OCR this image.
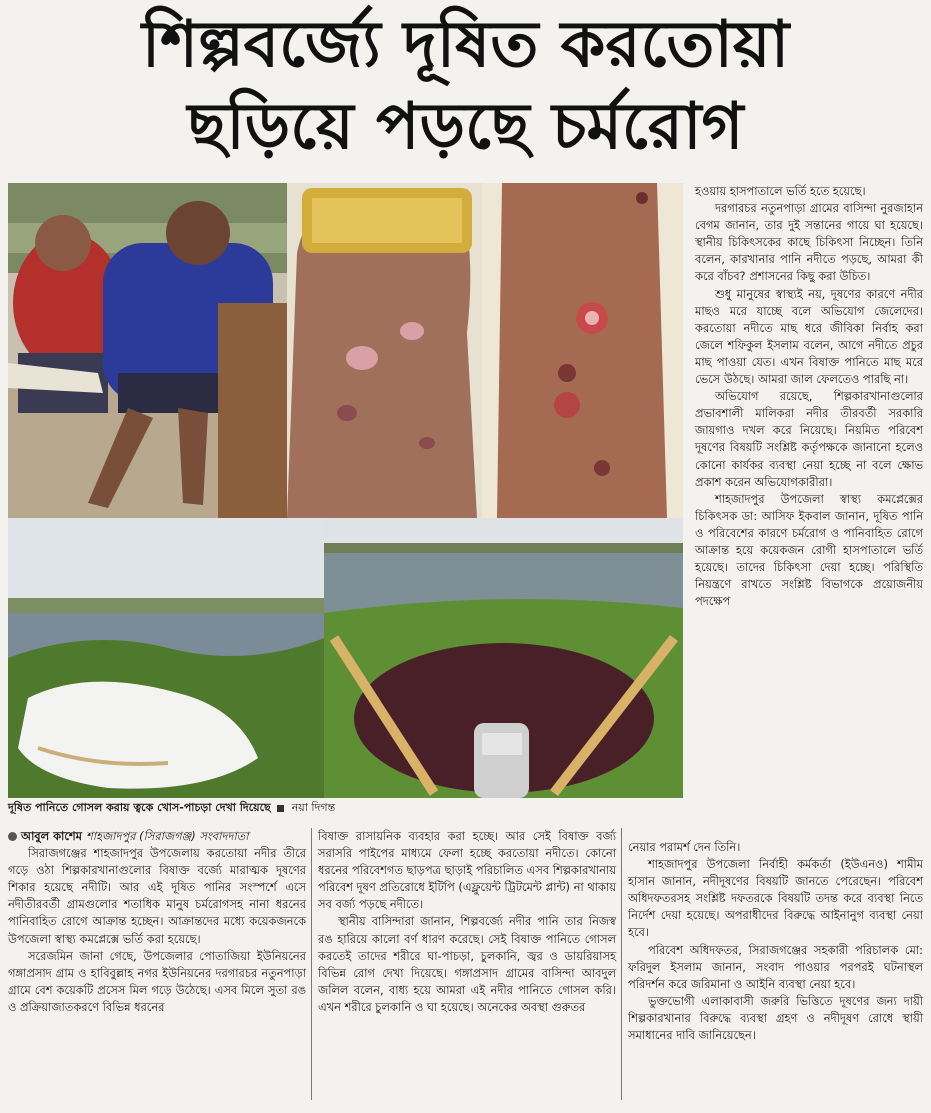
শিল্পবর্জ্যে দূষিত করতোয়া
ছড়িয়ে পড়ছে চর্মরোগ
দূষিত পানিতে গোসল করায় ত্বকে খোস-পাচড়া দেখা দিয়েছে নয়া দিগন্ত

আবুল কাশেম শাহজাদপুর (সিরাজগঞ্জ) সংবাদদাতা

সিরাজগঞ্জের শাহজাদপুর উপজেলায় করতোয়া নদীর তীরে গড়ে ওঠা শিল্পকারখানাগুলোর বিষাক্ত বর্জ্যে মারাত্মক দূষণের শিকার হয়েছে নদীটি। আর এই দূষিত পানির সংস্পর্শে এসে নদীতীরবর্তী গ্রামগুলোর শতাধিক মানুষ চর্মরোগসহ নানা ধরনের পানিবাহিত রোগে আক্রান্ত হচ্ছেন। আক্রান্তদের মধ্যে কয়েকজনকে উপজেলা স্বাস্থ্য কমপ্লেক্সে ভর্তি করা হয়েছে।

সরেজমিন জানা গেছে, উপজেলার পোতাজিয়া ইউনিয়নের গঙ্গাপ্রসাদ গ্রাম ও হাবিবুল্লাহ নগর ইউনিয়নের দরগারচর নতুনপাড়া গ্রামে বেশ কয়েকটি প্রসেস মিল গড়ে উঠেছে। এসব মিলে সুতা রঙ ও প্রক্রিয়াজাতকরণে বিভিন্ন ধরনের

বিষাক্ত রাসায়নিক ব্যবহার করা হচ্ছে। আর সেই বিষাক্ত বর্জ্য সরাসরি পাইপের মাধ্যমে ফেলা হচ্ছে করতোয়া নদীতে। কোনো ধরনের পরিবেশগত ছাড়পত্র ছাড়াই পরিচালিত এসব শিল্পকারখানায় পরিবেশ দূষণ প্রতিরোধে ইটিপি (এফ্লুয়েন্ট ট্রিটমেন্ট প্লান্ট) না থাকায় সব বর্জ্য পড়ছে নদীতে।

স্থানীয় বাসিন্দারা জানান, শিল্পবর্জ্যে নদীর পানি তার নিজস্ব রঙ হারিয়ে কালো বর্ণ ধারণ করেছে। সেই বিষাক্ত পানিতে গোসল করতেই তাদের শরীরে ঘা-পাচড়া, চুলকানি, জ্বর ও ডায়রিয়াসহ বিভিন্ন রোগ দেখা দিয়েছে। গঙ্গাপ্রসাদ গ্রামের বাসিন্দা আবদুল জলিল বলেন, বাধ্য হয়ে আমরা এই নদীর পানিতে গোসল করি। এখন শরীরে চুলকানি ও ঘা হয়েছে। অনেকের অবস্থা গুরুতর

হওয়ায় হাসপাতালে ভর্তি হতে হয়েছে।

দরগারচর নতুনপাড়া গ্রামের বাসিন্দা নুরজাহান বেগম জানান, তার দুই সন্তানের গায়ে ঘা হয়েছে। স্থানীয় চিকিৎসকের কাছে চিকিৎসা নিচ্ছেন। তিনি বলেন, কারখানার পানি নদীতে পড়ছে, আমরা কী করে বাঁচব? প্রশাসনের কিছু করা উচিত।

শুধু মানুষের স্বাস্থ্যই নয়, দূষণের কারণে নদীর মাছও মরে যাচ্ছে বলে অভিযোগ জেলেদের। করতোয়া নদীতে মাছ ধরে জীবিকা নির্বাহ করা জেলে শফিকুল ইসলাম বলেন, আগে নদীতে প্রচুর মাছ পাওয়া যেত। এখন বিষাক্ত পানিতে মাছ মরে ভেসে উঠছে। আমরা জাল ফেলতেও পারছি না।

অভিযোগ রয়েছে, শিল্পকারখানাগুলোর প্রভাবশালী মালিকরা নদীর তীরবর্তী সরকারি জায়গাও দখল করে নিয়েছে। নিয়মিত পরিবেশ দূষণের বিষয়টি সংশ্লিষ্ট কর্তৃপক্ষকে জানানো হলেও কোনো কার্যকর ব্যবস্থা নেয়া হচ্ছে না বলে ক্ষোভ প্রকাশ করেন অভিযোগকারীরা।

শাহজাদপুর উপজেলা স্বাস্থ্য কমপ্লেক্সের চিকিৎসক ডা: আসিফ ইকবাল জানান, দূষিত পানি ও পরিবেশের কারণে চর্মরোগ ও পানিবাহিত রোগে আক্রান্ত হয়ে কয়েকজন রোগী হাসপাতালে ভর্তি হয়েছে। তাদের চিকিৎসা দেয়া হচ্ছে। পরিস্থিতি নিয়ন্ত্রণে রাখতে সংশ্লিষ্ট বিভাগকে প্রয়োজনীয় পদক্ষেপ

নেয়ার পরামর্শ দেন তিনি।

শাহজাদপুর উপজেলা নির্বাহী কর্মকর্তা (ইউএনও) শামীম হাসান জানান, নদীদূষণের বিষয়টি জানতে পেরেছেন। পরিবেশ অধিদফতরসহ সংশ্লিষ্ট দফতরকে বিষয়টি তদন্ত করে ব্যবস্থা নিতে নির্দেশ দেয়া হয়েছে। অপরাধীদের বিরুদ্ধে আইনানুগ ব্যবস্থা নেয়া হবে।

পরিবেশ অধিদফতর, সিরাজগঞ্জের সহকারী পরিচালক মো: ফরিদুল ইসলাম জানান, সংবাদ পাওয়ার পরপরই ঘটনাস্থল পরিদর্শন করে জরিমানা ও আইনি ব্যবস্থা নেয়া হবে।

ভুক্তভোগী এলাকাবাসী জরুরি ভিত্তিতে দূষণের জন্য দায়ী শিল্পকারখানার বিরুদ্ধে ব্যবস্থা গ্রহণ ও নদীদূষণ রোধে স্থায়ী সমাধানের দাবি জানিয়েছেন।
